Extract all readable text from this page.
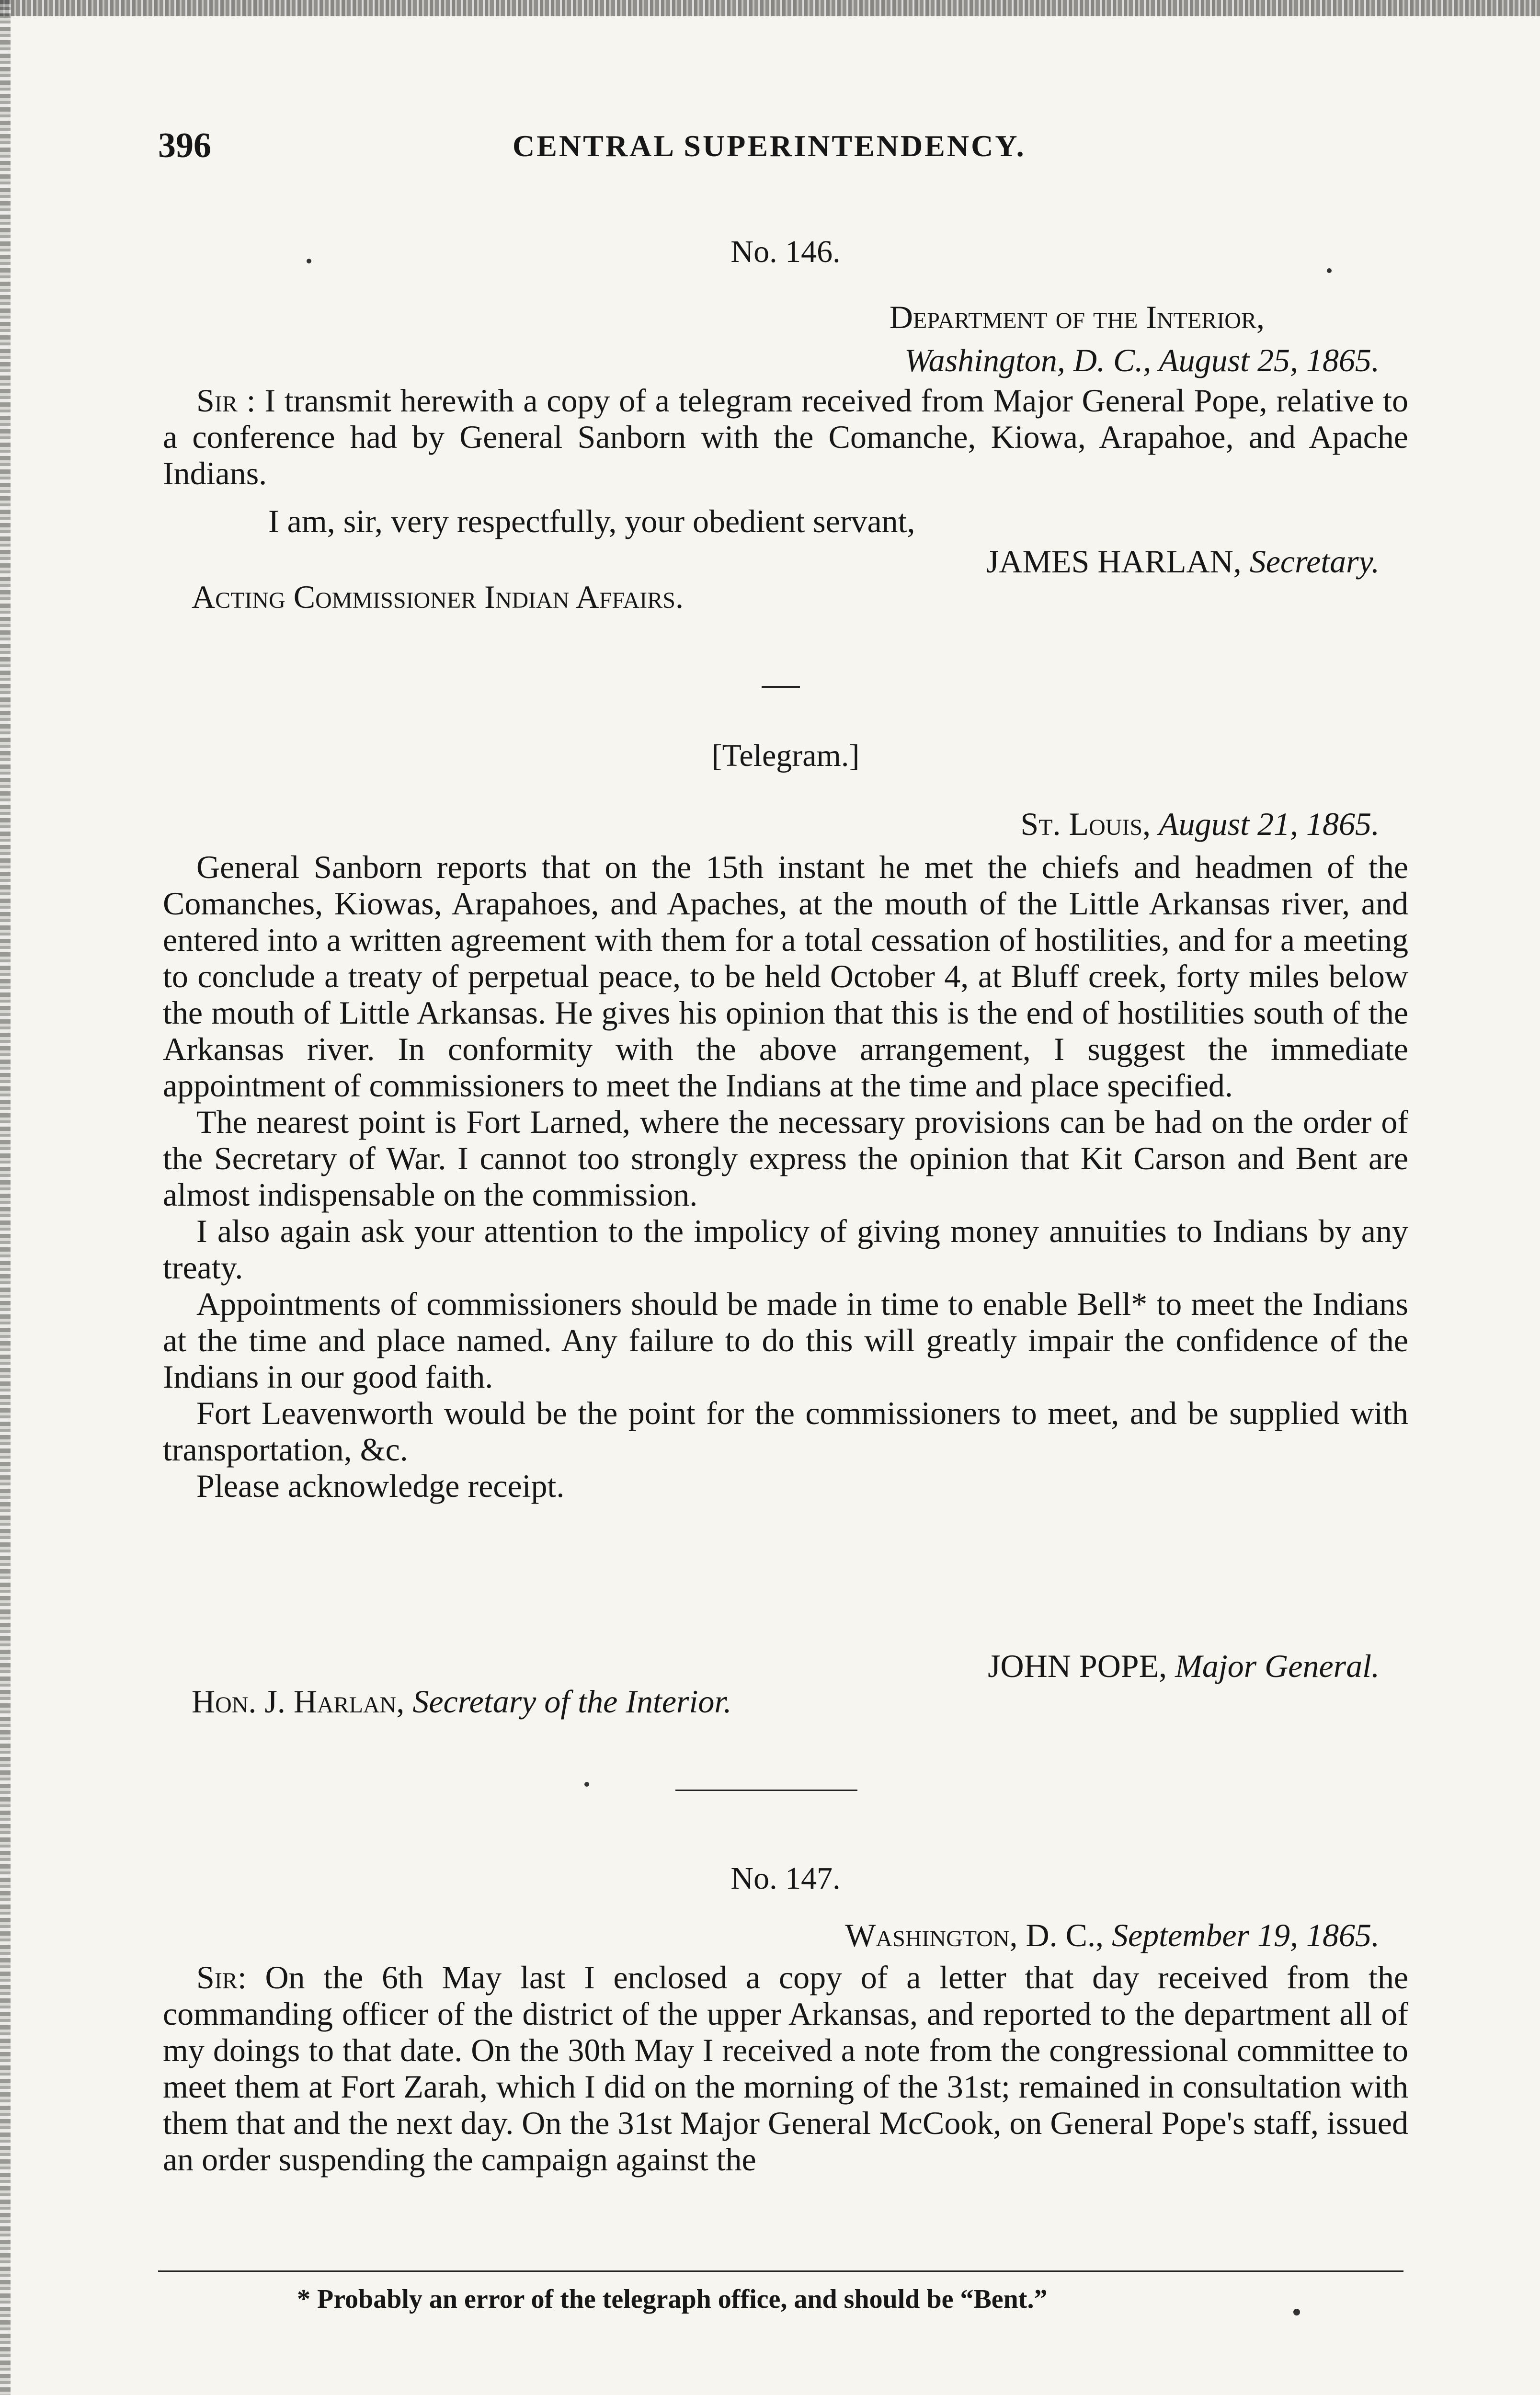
396	CENTRAL SUPERINTENDENCY.
No. 146.
Department of the Interior,
Washington, D. C., August 25, 1865.
Sir : I transmit herewith a copy of a telegram received from Major General Pope, relative to a conference had by General Sanborn with the Comanche, Kiowa, Arapahoe, and Apache Indians.
I am, sir, very respectfully, your obedient servant,
JAMES HARLAN, Secretary.
Acting Commissioner Indian Affairs.
[Telegram.]
St. Louis, August 21, 1865.

General Sanborn reports that on the 15th instant he met the chiefs and headmen of the Comanches, Kiowas, Arapahoes, and Apaches, at the mouth of the Little Arkansas river, and entered into a written agreement with them for a total cessation of hostilities, and for a meeting to conclude a treaty of perpetual peace, to be held October 4, at Bluff creek, forty miles below the mouth of Little Arkansas. He gives his opinion that this is the end of hostilities south of the Arkansas river. In conformity with the above arrangement, I suggest the immediate appointment of commissioners to meet the Indians at the time and place specified.

The nearest point is Fort Larned, where the necessary provisions can be had on the order of the Secretary of War. I cannot too strongly express the opinion that Kit Carson and Bent are almost indispensable on the commission.

I also again ask your attention to the impolicy of giving money annuities to Indians by any treaty.

Appointments of commissioners should be made in time to enable Bell* to meet the Indians at the time and place named. Any failure to do this will greatly impair the confidence of the Indians in our good faith.

Fort Leavenworth would be the point for the commissioners to meet, and be supplied with transportation, &c.

Please acknowledge receipt.

JOHN POPE, Major General.
Hon. J. Harlan, Secretary of the Interior.
No. 147.
Washington, D. C., September 19, 1865.
Sir: On the 6th May last I enclosed a copy of a letter that day received from the commanding officer of the district of the upper Arkansas, and reported to the department all of my doings to that date. On the 30th May I received a note from the congressional committee to meet them at Fort Zarah, which I did on the morning of the 31st; remained in consultation with them that and the next day. On the 31st Major General McCook, on General Pope's staff, issued an order suspending the campaign against the
* Probably an error of the telegraph office, and should be “Bent.”
